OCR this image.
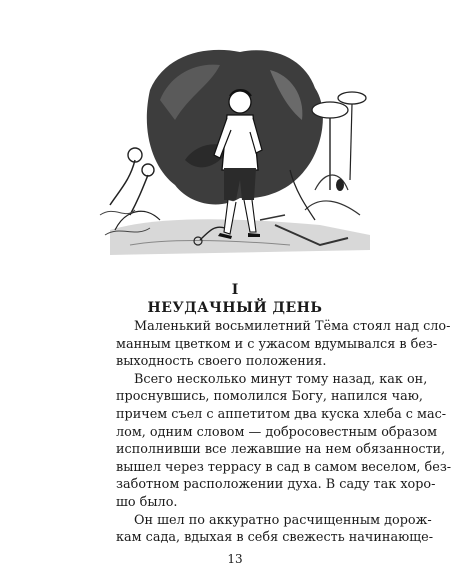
I
НЕУДАЧНЫЙ ДЕНЬ
Маленький восьмилетний Тёма стоял над сло-
манным цветком и с ужасом вдумывался в без-
выходность своего положения.
Всего несколько минут тому назад, как он,
проснувшись, помолился Богу, напился чаю,
причем съел с аппетитом два куска хлеба с мас-
лом, одним словом — добросовестным образом
исполнивши все лежавшие на нем обязанности,
вышел через террасу в сад в самом веселом, без-
заботном расположении духа. В саду так хоро-
шо было.
Он шел по аккуратно расчищенным дорож-
кам сада, вдыхая в себя свежесть начинающе-
13
